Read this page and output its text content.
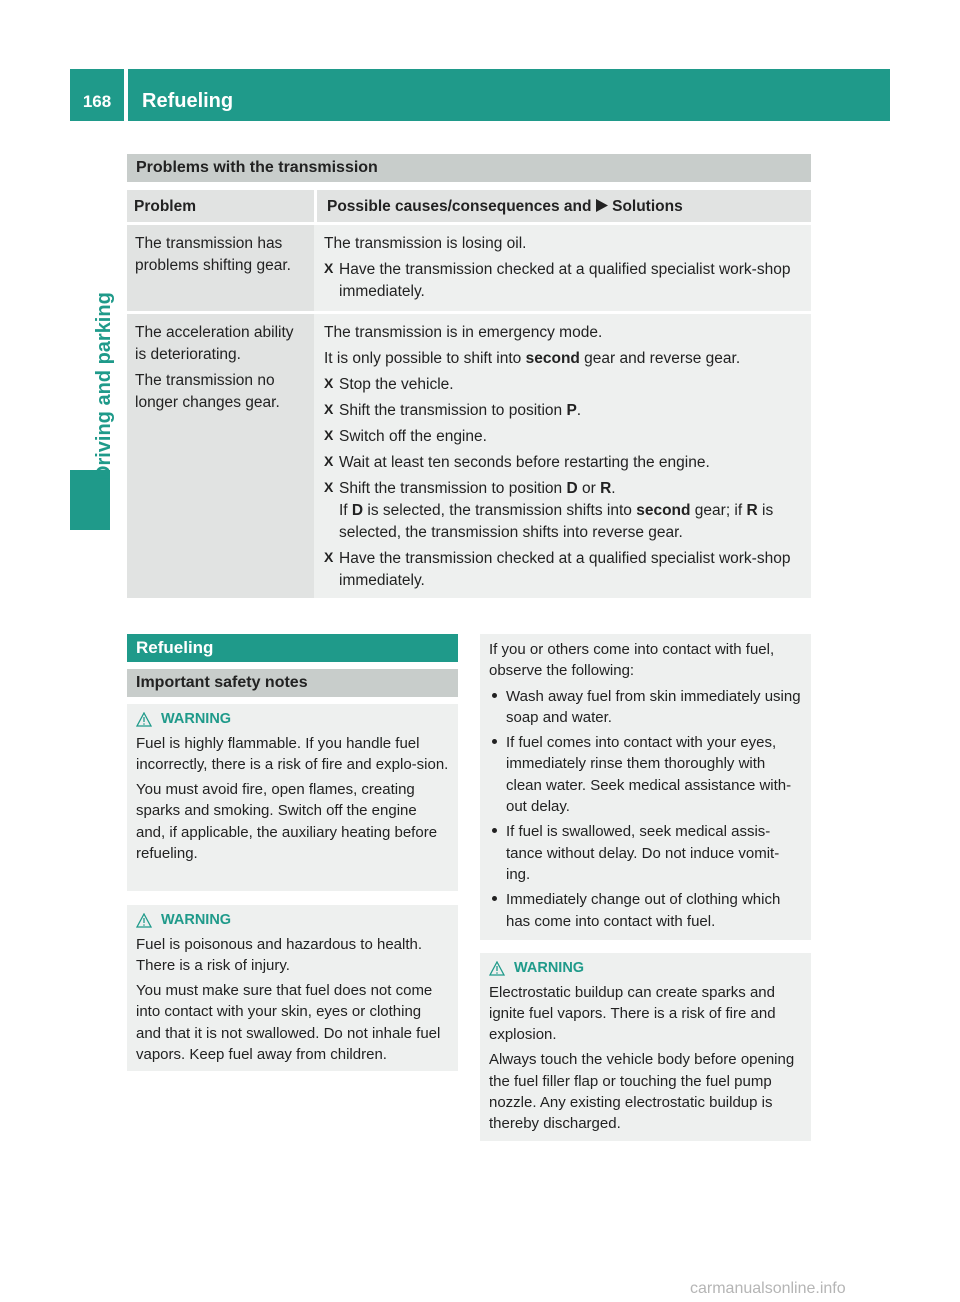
168	Refueling
Driving and parking
Problems with the transmission
Problem	Possible causes/consequences and  Solutions

The transmission has problems shifting gear.

The transmission is losing oil.

X Have the transmission checked at a qualified specialist work-shop immediately.

The acceleration ability is deteriorating.

The transmission no longer changes gear.

The transmission is in emergency mode.

It is only possible to shift into second gear and reverse gear.

X Stop the vehicle.
X Shift the transmission to position P.
X Switch off the engine.
X Wait at least ten seconds before restarting the engine.
X Shift the transmission to position D or R.
If D is selected, the transmission shifts into second gear; if R is selected, the transmission shifts into reverse gear.
X Have the transmission checked at a qualified specialist work-shop immediately.
Refueling
Important safety notes
WARNING

Fuel is highly flammable. If you handle fuel incorrectly, there is a risk of fire and explo-sion.

You must avoid fire, open flames, creating sparks and smoking. Switch off the engine and, if applicable, the auxiliary heating before refueling.

WARNING

Fuel is poisonous and hazardous to health. There is a risk of injury.

You must make sure that fuel does not come into contact with your skin, eyes or clothing and that it is not swallowed. Do not inhale fuel vapors. Keep fuel away from children.

If you or others come into contact with fuel, observe the following:

Wash away fuel from skin immediately using soap and water.
If fuel comes into contact with your eyes, immediately rinse them thoroughly with clean water. Seek medical assistance with-out delay.
If fuel is swallowed, seek medical assis-tance without delay. Do not induce vomit-ing.
Immediately change out of clothing which has come into contact with fuel.
WARNING

Electrostatic buildup can create sparks and ignite fuel vapors. There is a risk of fire and explosion.

Always touch the vehicle body before opening the fuel filler flap or touching the fuel pump nozzle. Any existing electrostatic buildup is thereby discharged.

carmanualsonline.info
